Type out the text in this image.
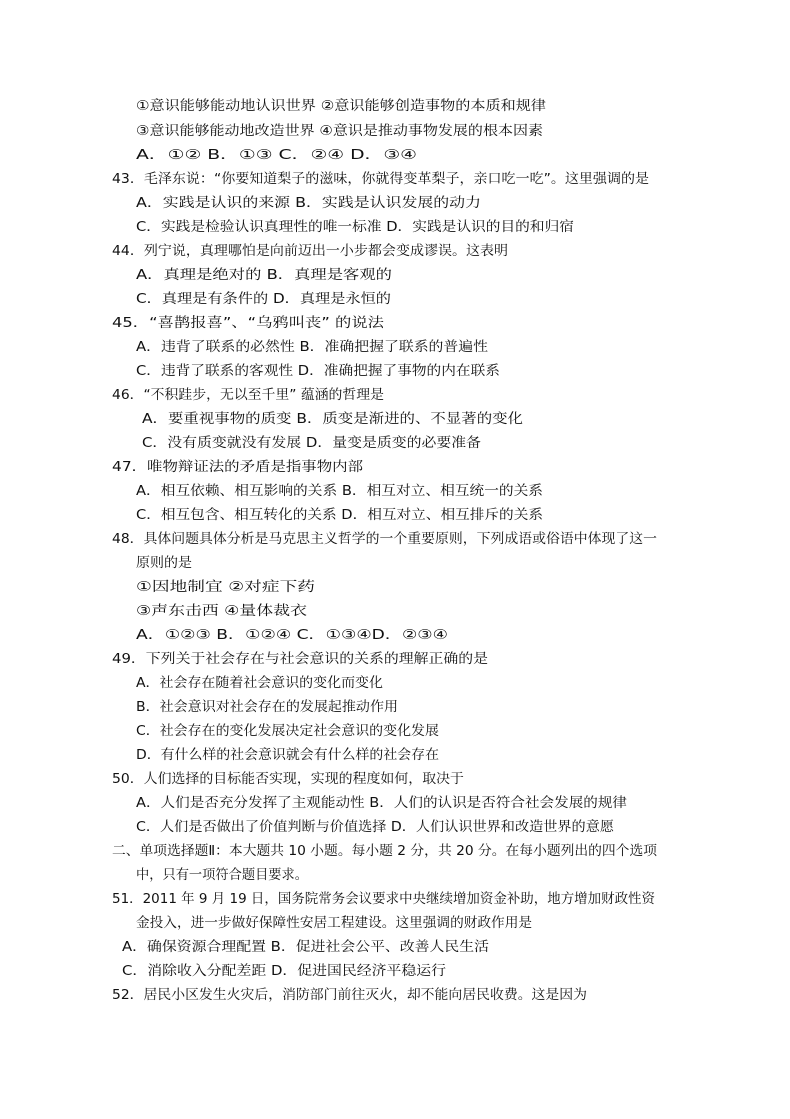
①意识能够能动地认识世界 ②意识能够创造事物的本质和规律
③意识能够能动地改造世界 ④意识是推动事物发展的根本因素
A．①② B．①③ C．②④ D．③④
43．毛泽东说：“你要知道梨子的滋味，你就得变革梨子，亲口吃一吃”。这里强调的是
A．实践是认识的来源 B．实践是认识发展的动力
C．实践是检验认识真理性的唯一标准 D．实践是认识的目的和归宿
44．列宁说，真理哪怕是向前迈出一小步都会变成谬误。这表明
A．真理是绝对的 B．真理是客观的
C．真理是有条件的 D．真理是永恒的
45．“喜鹊报喜”、“乌鸦叫丧” 的说法
A．违背了联系的必然性 B．准确把握了联系的普遍性
C．违背了联系的客观性 D．准确把握了事物的内在联系
46．“不积跬步，无以至千里” 蕴涵的哲理是
A．要重视事物的质变 B．质变是渐进的、不显著的变化
C．没有质变就没有发展 D．量变是质变的必要准备
47．唯物辩证法的矛盾是指事物内部
A．相互依赖、相互影响的关系 B．相互对立、相互统一的关系
C．相互包含、相互转化的关系 D．相互对立、相互排斥的关系
48．具体问题具体分析是马克思主义哲学的一个重要原则，下列成语或俗语中体现了这一
原则的是
①因地制宜 ②对症下药
③声东击西 ④量体裁衣
A．①②③ B．①②④ C．①③④D．②③④
49．下列关于社会存在与社会意识的关系的理解正确的是
A．社会存在随着社会意识的变化而变化
B．社会意识对社会存在的发展起推动作用
C．社会存在的变化发展决定社会意识的变化发展
D．有什么样的社会意识就会有什么样的社会存在
50．人们选择的目标能否实现，实现的程度如何，取决于
A．人们是否充分发挥了主观能动性 B．人们的认识是否符合社会发展的规律
C．人们是否做出了价值判断与价值选择 D．人们认识世界和改造世界的意愿
二、单项选择题Ⅱ：本大题共 10 小题。每小题 2 分，共 20 分。在每小题列出的四个选项
中，只有一项符合题目要求。
51．2011 年 9 月 19 日，国务院常务会议要求中央继续增加资金补助，地方增加财政性资
金投入，进一步做好保障性安居工程建设。这里强调的财政作用是
A．确保资源合理配置 B．促进社会公平、改善人民生活
C．消除收入分配差距 D．促进国民经济平稳运行
52．居民小区发生火灾后，消防部门前往灭火，却不能向居民收费。这是因为
